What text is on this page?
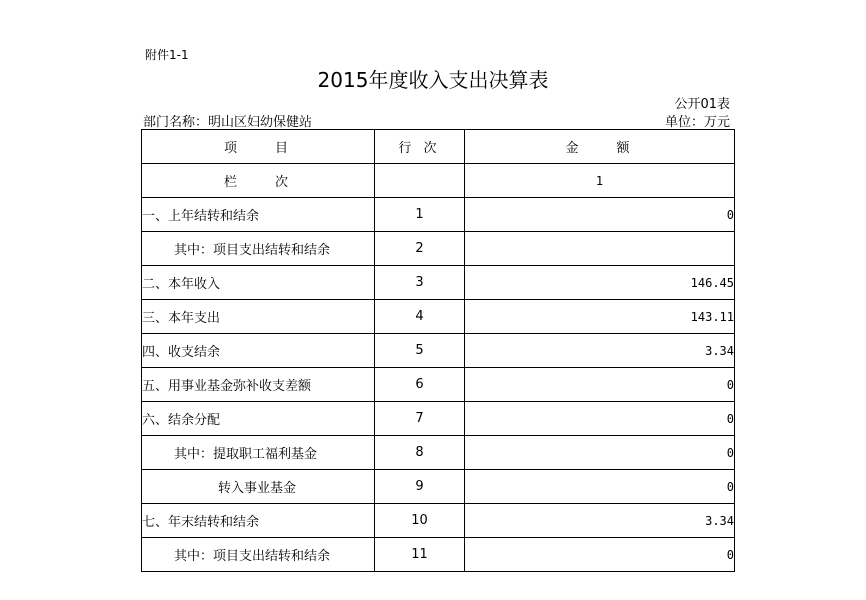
附件1-1
2015年度收入支出决算表
公开01表
部门名称：明山区妇幼保健站	单位：万元
项　　目	行 次	金　　额
栏　　次		1
一、上年结转和结余	1	0
其中：项目支出结转和结余	2	
二、本年收入	3	146.45
三、本年支出	4	143.11
四、收支结余	5	3.34
五、用事业基金弥补收支差额	6	0
六、结余分配	7	0
其中：提取职工福利基金	8	0
转入事业基金	9	0
七、年末结转和结余	10	3.34
其中：项目支出结转和结余	11	0
